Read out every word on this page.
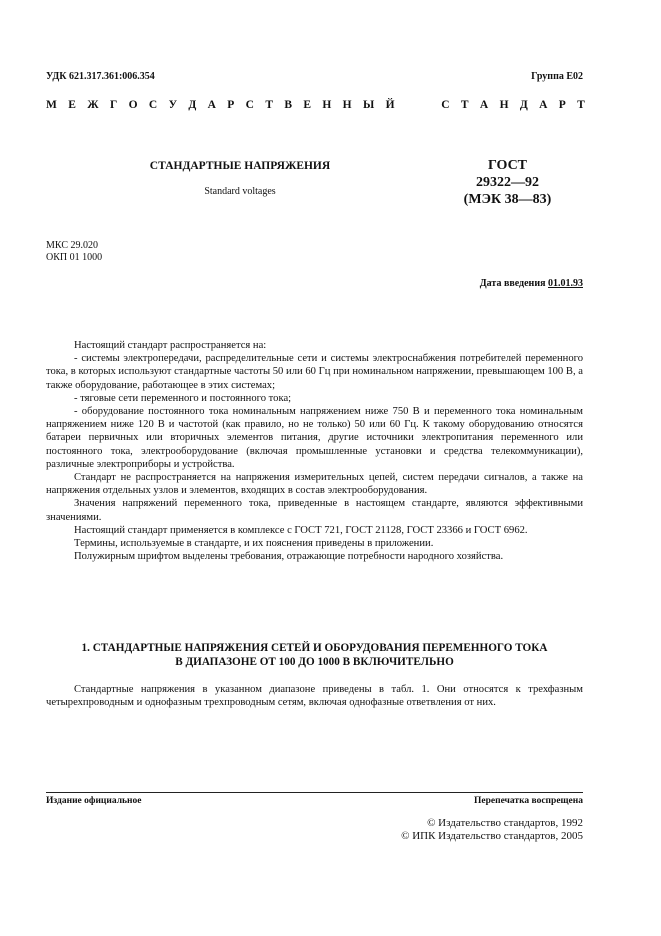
УДК 621.317.361:006.354	Группа Е02
М Е Ж Г О С У Д А Р С Т В Е Н Н Ы Й	С Т А Н Д А Р Т
СТАНДАРТНЫЕ НАПРЯЖЕНИЯ
Standard voltages
ГОСТ
29322—92
(МЭК 38—83)
МКС 29.020
ОКП 01 1000
Дата введения 01.01.93

Настоящий стандарт распространяется на:

- системы электропередачи, распределительные сети и системы электроснабжения потребителей переменного тока, в которых используют стандартные частоты 50 или 60 Гц при номинальном напряжении, превышающем 100 В, а также оборудование, работающее в этих системах;

- тяговые сети переменного и постоянного тока;

- оборудование постоянного тока номинальным напряжением ниже 750 В и переменного тока номинальным напряжением ниже 120 В и частотой (как правило, но не только) 50 или 60 Гц. К такому оборудованию относятся батареи первичных или вторичных элементов питания, другие источники электропитания переменного или постоянного тока, электрооборудование (включая промышленные установки и средства телекоммуникации), различные электроприборы и устройства.

Стандарт не распространяется на напряжения измерительных цепей, систем передачи сигналов, а также на напряжения отдельных узлов и элементов, входящих в состав электрооборудования.

Значения напряжений переменного тока, приведенные в настоящем стандарте, являются эффективными значениями.

Настоящий стандарт применяется в комплексе с ГОСТ 721, ГОСТ 21128, ГОСТ 23366 и ГОСТ 6962.

Термины, используемые в стандарте, и их пояснения приведены в приложении.

Полужирным шрифтом выделены требования, отражающие потребности народного хозяйства.

1. СТАНДАРТНЫЕ НАПРЯЖЕНИЯ СЕТЕЙ И ОБОРУДОВАНИЯ ПЕРЕМЕННОГО ТОКА
В ДИАПАЗОНЕ ОТ 100 ДО 1000 В ВКЛЮЧИТЕЛЬНО

Стандартные напряжения в указанном диапазоне приведены в табл. 1. Они относятся к трехфазным четырехпроводным и однофазным трехпроводным сетям, включая однофазные ответвления от них.

Издание официальное	Перепечатка воспрещена
© Издательство стандартов, 1992
© ИПК Издательство стандартов, 2005
